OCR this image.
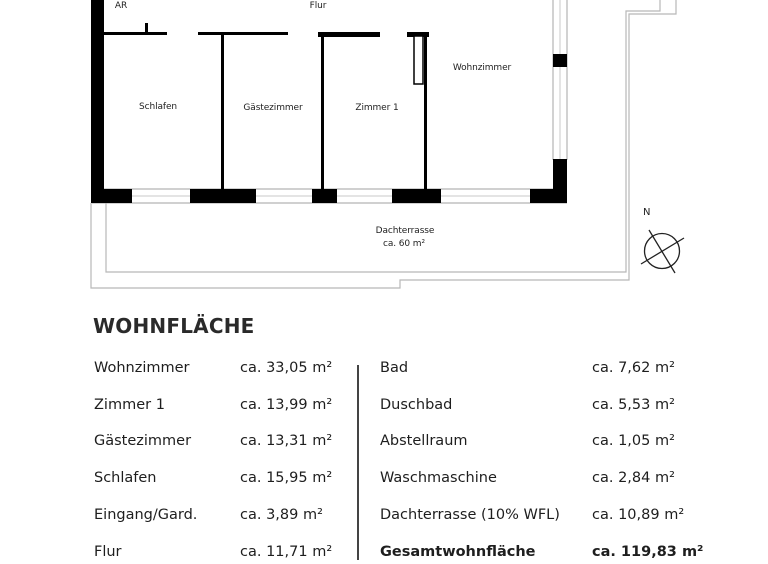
AR	Flur
Schlafen	Gästezimmer	Zimmer 1
Wohnzimmer
Dachterrasse
ca. 60 m²
N
WOHNFLÄCHE
Wohnzimmer	ca. 33,05 m²
Zimmer 1	ca. 13,99 m²
Gästezimmer	ca. 13,31 m²
Schlafen	ca. 15,95 m²
Eingang/Gard.	ca. 3,89 m²
Flur	ca. 11,71 m²
Bad	ca. 7,62 m²
Duschbad	ca. 5,53 m²
Abstellraum	ca. 1,05 m²
Waschmaschine	ca. 2,84 m²
Dachterrasse (10% WFL) ca. 10,89 m²
Gesamtwohnfläche	ca. 119,83 m²
